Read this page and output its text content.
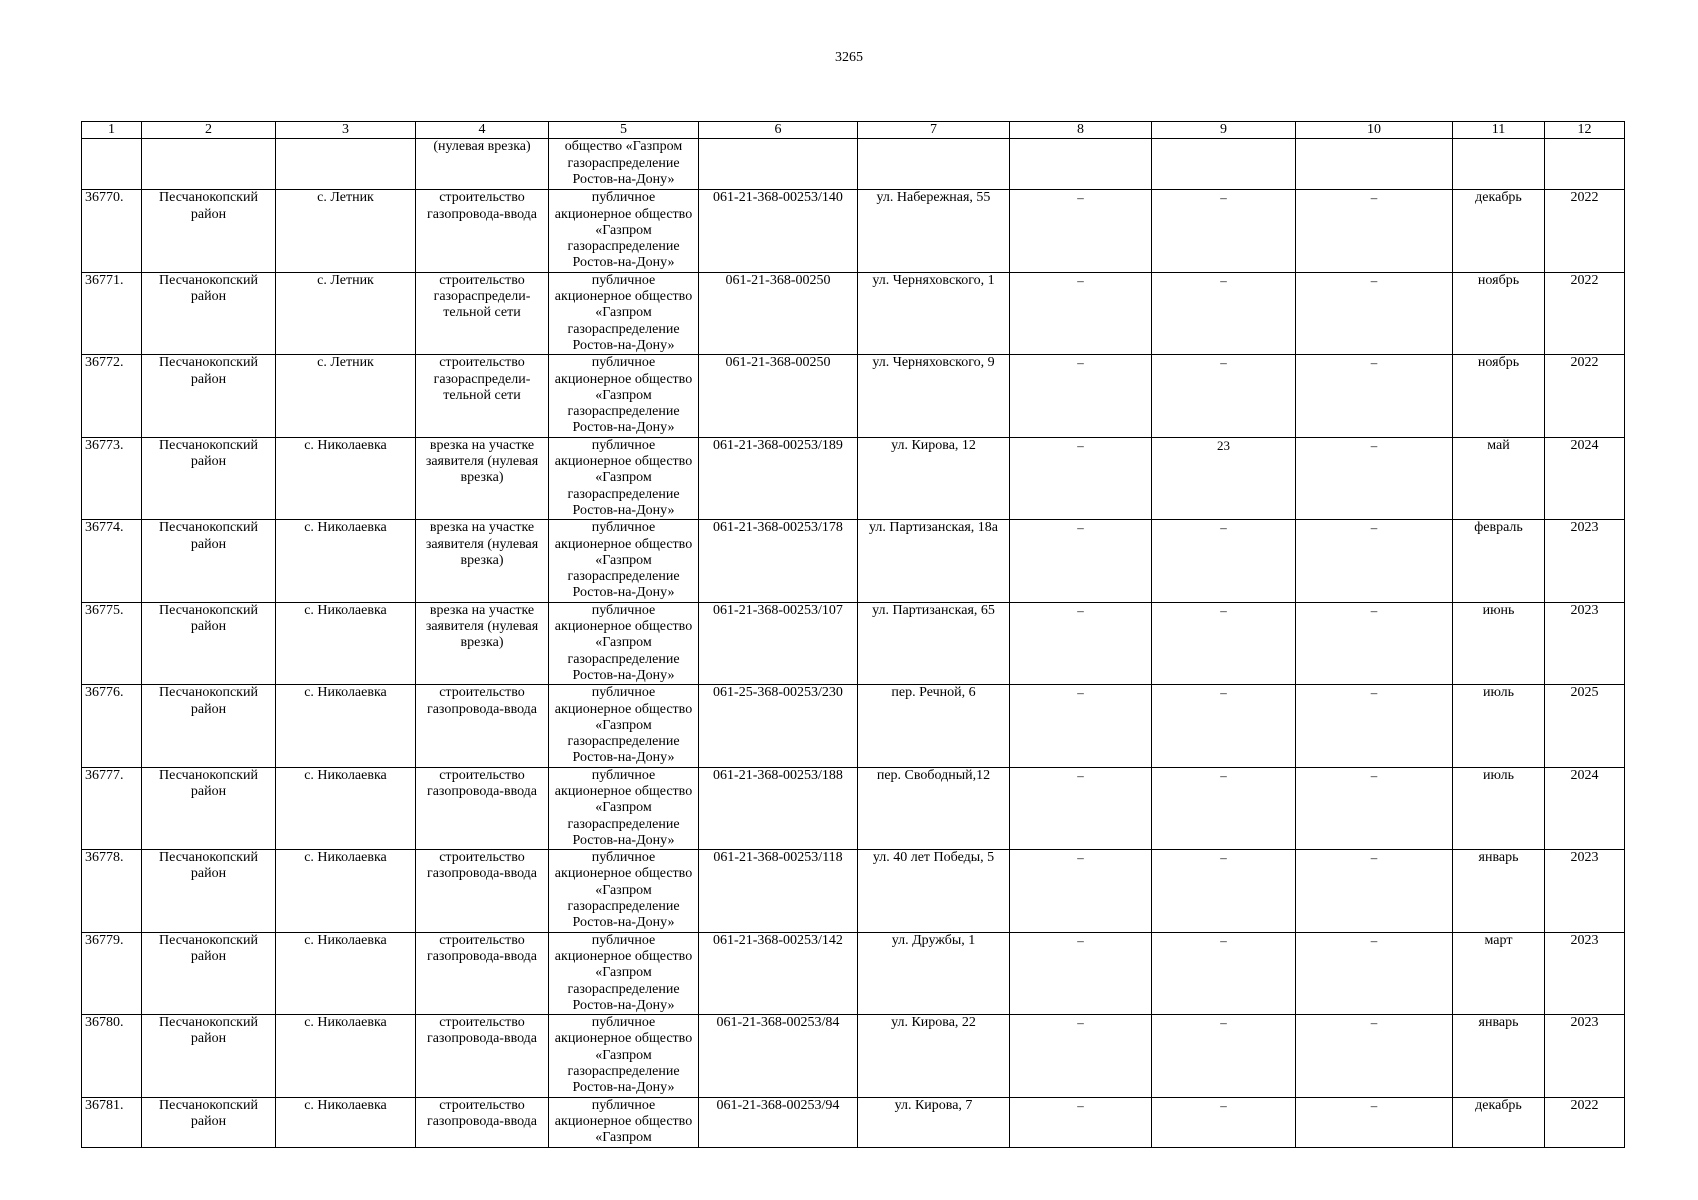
3265
1	2	3	4	5	6	7	8	9	10	11	12
			(нулевая врезка)	общество «Газпром газораспределение Ростов-на-Дону»							
36770.	Песчанокопский район	с. Летник	строительство газопровода-ввода	публичное акционерное общество «Газпром газораспределение Ростов-на-Дону»	061-21-368-00253/140	ул. Набережная, 55	–	–	–	декабрь	2022
36771.	Песчанокопский район	с. Летник	строительство газораспредели-тельной сети	публичное акционерное общество «Газпром газораспределение Ростов-на-Дону»	061-21-368-00250	ул. Черняховского, 1	–	–	–	ноябрь	2022
36772.	Песчанокопский район	с. Летник	строительство газораспредели-тельной сети	публичное акционерное общество «Газпром газораспределение Ростов-на-Дону»	061-21-368-00250	ул. Черняховского, 9	–	–	–	ноябрь	2022
36773.	Песчанокопский район	с. Николаевка	врезка на участке заявителя (нулевая врезка)	публичное акционерное общество «Газпром газораспределение Ростов-на-Дону»	061-21-368-00253/189	ул. Кирова, 12	–	23	–	май	2024
36774.	Песчанокопский район	с. Николаевка	врезка на участке заявителя (нулевая врезка)	публичное акционерное общество «Газпром газораспределение Ростов-на-Дону»	061-21-368-00253/178	ул. Партизанская, 18а	–	–	–	февраль	2023
36775.	Песчанокопский район	с. Николаевка	врезка на участке заявителя (нулевая врезка)	публичное акционерное общество «Газпром газораспределение Ростов-на-Дону»	061-21-368-00253/107	ул. Партизанская, 65	–	–	–	июнь	2023
36776.	Песчанокопский район	с. Николаевка	строительство газопровода-ввода	публичное акционерное общество «Газпром газораспределение Ростов-на-Дону»	061-25-368-00253/230	пер. Речной, 6	–	–	–	июль	2025
36777.	Песчанокопский район	с. Николаевка	строительство газопровода-ввода	публичное акционерное общество «Газпром газораспределение Ростов-на-Дону»	061-21-368-00253/188	пер. Свободный,12	–	–	–	июль	2024
36778.	Песчанокопский район	с. Николаевка	строительство газопровода-ввода	публичное акционерное общество «Газпром газораспределение Ростов-на-Дону»	061-21-368-00253/118	ул. 40 лет Победы, 5	–	–	–	январь	2023
36779.	Песчанокопский район	с. Николаевка	строительство газопровода-ввода	публичное акционерное общество «Газпром газораспределение Ростов-на-Дону»	061-21-368-00253/142	ул. Дружбы, 1	–	–	–	март	2023
36780.	Песчанокопский район	с. Николаевка	строительство газопровода-ввода	публичное акционерное общество «Газпром газораспределение Ростов-на-Дону»	061-21-368-00253/84	ул. Кирова, 22	–	–	–	январь	2023
36781.	Песчанокопский район	с. Николаевка	строительство газопровода-ввода	публичное акционерное общество «Газпром	061-21-368-00253/94	ул. Кирова, 7	–	–	–	декабрь	2022
